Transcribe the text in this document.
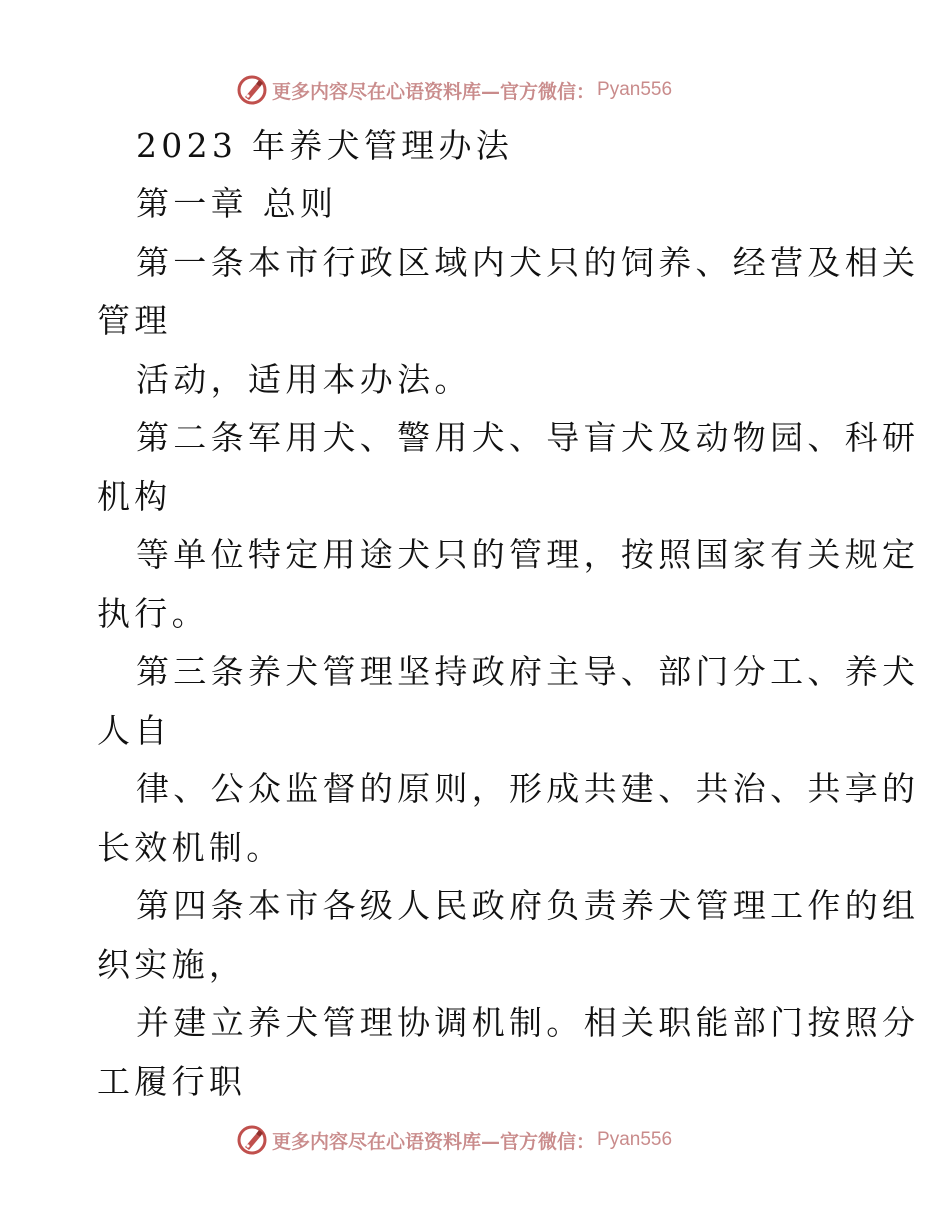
更多内容尽在心语资料库—官方微信： Pyan556
2023 年养犬管理办法
第一章 总则
第一条本市行政区域内犬只的饲养、经营及相关
管理
活动，适用本办法。
第二条军用犬、警用犬、导盲犬及动物园、科研
机构
等单位特定用途犬只的管理，按照国家有关规定
执行。
第三条养犬管理坚持政府主导、部门分工、养犬
人自
律、公众监督的原则，形成共建、共治、共享的
长效机制。
第四条本市各级人民政府负责养犬管理工作的组
织实施，
并建立养犬管理协调机制。相关职能部门按照分
工履行职
更多内容尽在心语资料库—官方微信： Pyan556
